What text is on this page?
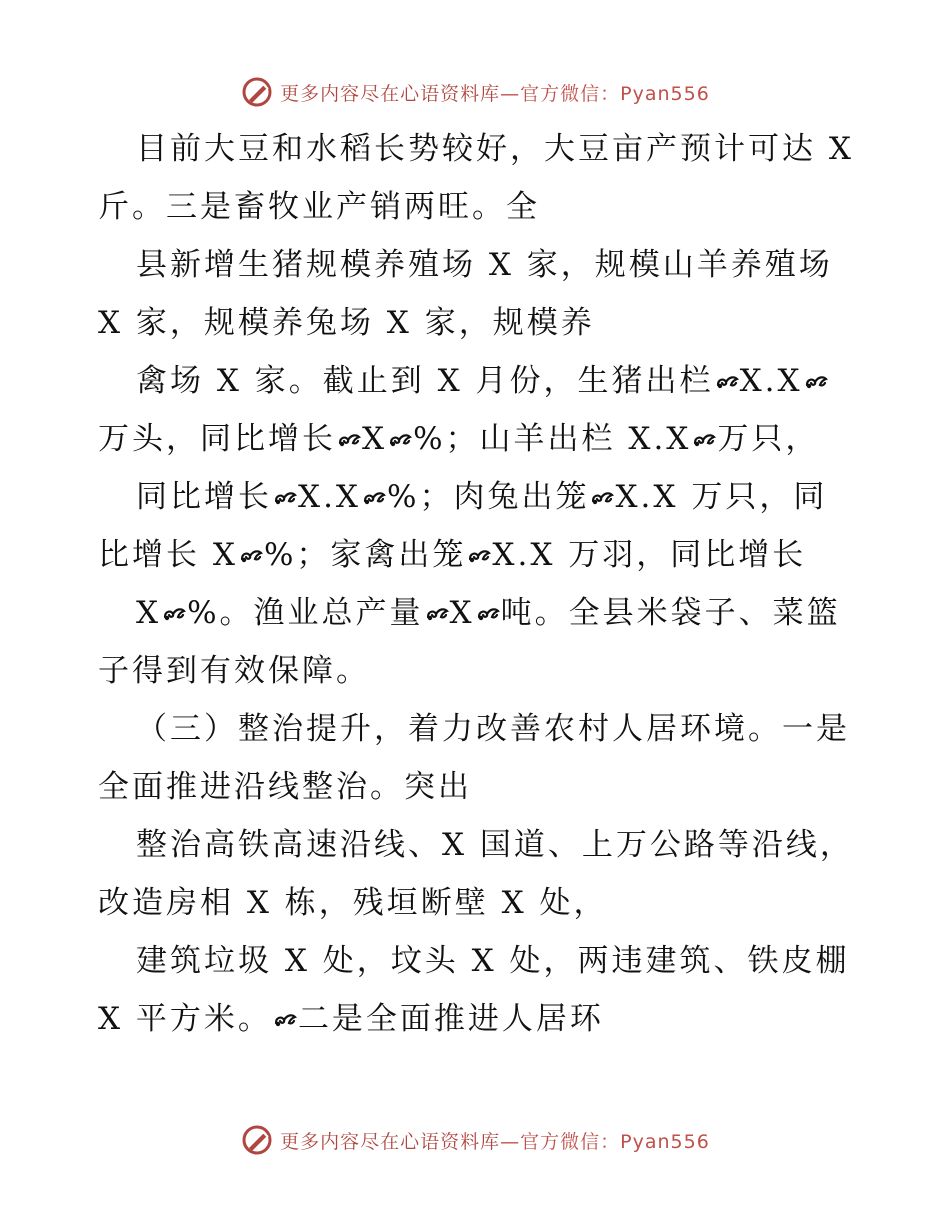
更多内容尽在心语资料库 —官方微信：Pyan556
目前大豆和水稻长势较好，大豆亩产预计可达 X
斤。三是畜牧业产销两旺。全
县新增生猪规模养殖场 X 家，规模山羊养殖场
X 家，规模养兔场 X 家，规模养
禽场 X 家。截止到 X 月份，生猪出栏 X.X
万头，同比增长 X %；山羊出栏 X.X 万只，
同比增长 X.X %；肉兔出笼 X.X 万只，同
比增长 X %；家禽出笼 X.X 万羽，同比增长
X %。渔业总产量 X 吨。全县米袋子、菜篮
子得到有效保障。
（三）整治提升，着力改善农村人居环境。一是
全面推进沿线整治。突出
整治高铁高速沿线、X 国道、上万公路等沿线，
改造房相 X 栋，残垣断壁 X 处，
建筑垃圾 X 处，坟头 X 处，两违建筑、铁皮棚
X 平方米。 二是全面推进人居环
更多内容尽在心语资料库 —官方微信：Pyan556
